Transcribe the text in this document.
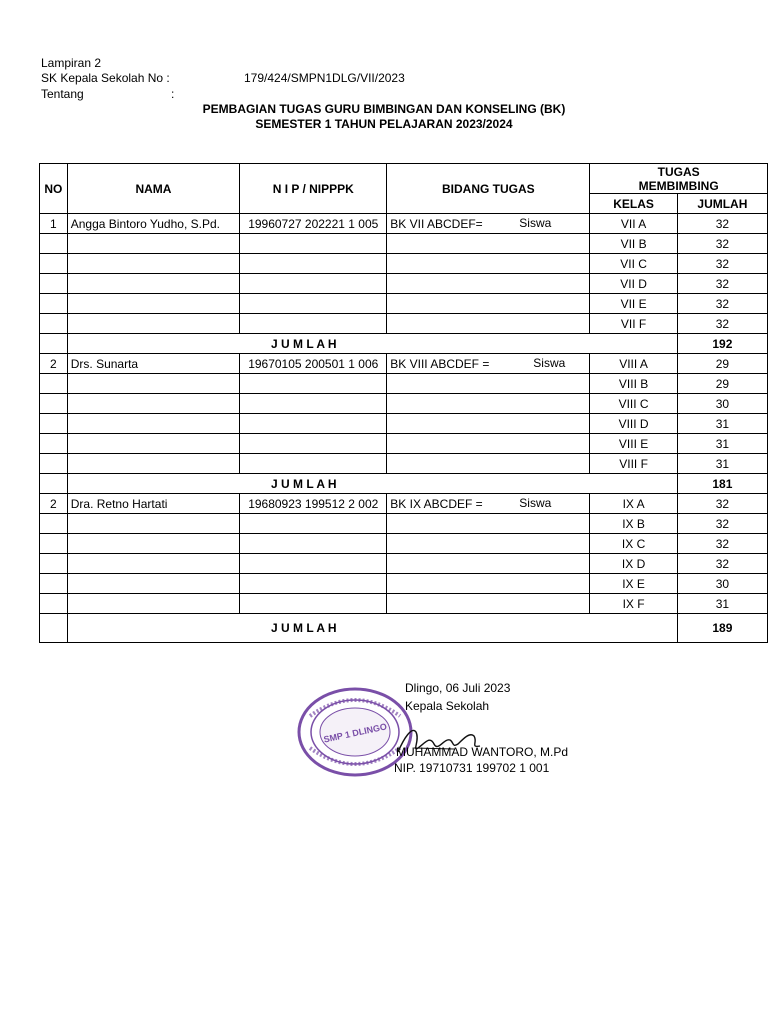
Lampiran 2
SK Kepala Sekolah No :	179/424/SMPN1DLG/VII/2023
Tentang	:
PEMBAGIAN TUGAS GURU BIMBINGAN DAN KONSELING (BK)
SEMESTER 1 TAHUN PELAJARAN 2023/2024
NO	NAMA	N I P / NIPPPK	BIDANG TUGAS	TUGAS MEMBIMBING	
				KELAS	JUMLAH
1	Angga Bintoro Yudho, S.Pd.	19960727 202221 1 005	BK VII ABCDEF= Siswa	VII A	32
				VII B	32
				VII C	32
				VII D	32
				VII E	32
				VII F	32
	J U M L A H				192
2	Drs. Sunarta	19670105 200501 1 006	BK VIII ABCDEF = Siswa	VIII A	29
				VIII B	29
				VIII C	30
				VIII D	31
				VIII E	31
				VIII F	31
	J U M L A H				181
2	Dra. Retno Hartati	19680923 199512 2 002	BK IX ABCDEF = Siswa	IX A	32
				IX B	32
				IX C	32
				IX D	32
				IX E	30
				IX F	31
	J U M L A H				189
SMP 1 DLINGO
Dlingo, 06 Juli 2023
Kepala Sekolah
MUHAMMAD WANTORO, M.Pd
NIP. 19710731 199702 1 001
